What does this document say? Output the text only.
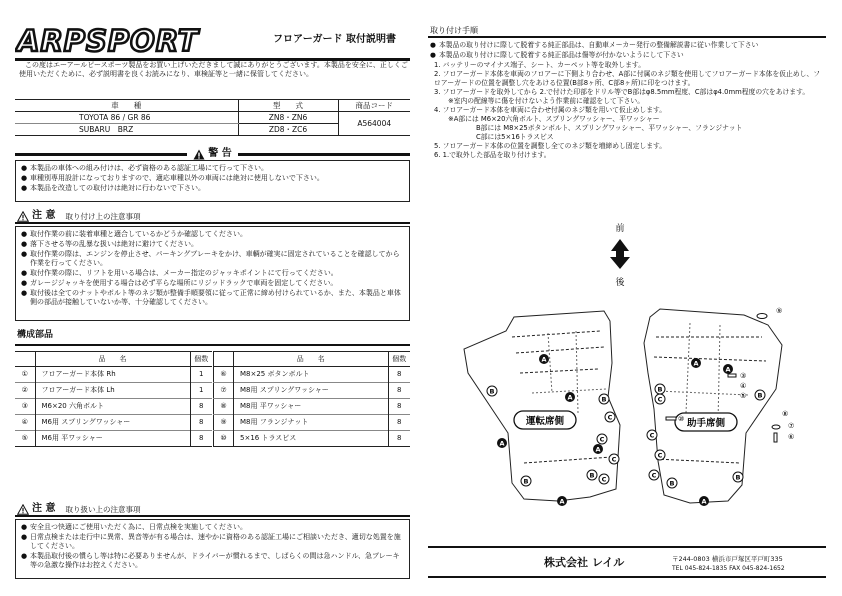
ARPSPORT	フロアーガード 取付説明書
この度はエーアールピースポーツ製品をお買い上げいただきまして誠にありがとうございます。本製品を安全に、正しくご使用いただくために、必ず説明書を良くお読みになり、車検証等と一緒に保管してください。
車　　種	型　　式	商品コード
TOYOTA 86 / GR 86	ZN8・ZN6	A564004
SUBARU　BRZ	ZD8・ZC6	
警 告
● 本製品の車体への組み付けは、必ず資格のある認証工場にて行って下さい。
● 車種別専用設計になっておりますので、適応車種以外の車両には絶対に使用しないで下さい。
● 本製品を改造しての取付けは絶対に行わないで下さい。
注 意 取り付け上の注意事項
● 取付作業の前に装着車種と適合しているかどうか確認してください。
● 落下させる等の乱暴な扱いは絶対に避けてください。
● 取付作業の際は、エンジンを停止させ、パーキングブレーキをかけ、車輌が確実に固定されていることを確認してから作業を行ってください。
● 取付作業の際に、リフトを用いる場合は、メーカー指定のジャッキポイントにて行ってください。
● ガレージジャッキを使用する場合は必ず平らな場所にリジッドラックで車両を固定してください。
● 取付後は全てのナットやボルト等のネジ類が整備手順要領に従って正常に締め付けられているか、また、本製品と車体側の部品が接触していないか等、十分確認してください。
構成部品
	品　　名	個数
①	フロアーガード本体 Rh	1
②	フロアーガード本体 Lh	1
③	M6×20 六角ボルト	8
④	M6用 スプリングワッシャー	8
⑤	M6用 平ワッシャー	8
	品　　名	個数
⑥	M8×25 ボタンボルト	8
⑦	M8用 スプリングワッシャー	8
⑧	M8用 平ワッシャー	8
⑨	M8用 フランジナット	8
⑩	5×16 トラスビス	8
注 意 取り扱い上の注意事項
● 安全且つ快適にご使用いただく為に、日常点検を実施してください。
● 日常点検または走行中に異常、異音等が有る場合は、速やかに資格のある認証工場にご相談いただき、適切な処置を施してください。
● 本製品取付後の慣らし等は特に必要ありませんが、ドライバーが慣れるまで、しばらくの間は急ハンドル、急ブレーキ等の急激な操作はお控えください。
取り付け手順
● 本製品の取り付けに際して脱着する純正部品は、自動車メーカー発行の整備解説書に従い作業して下さい
● 本製品の取り付けに際して脱着する純正部品は傷等が付かないようにして下さい
1. バッテリーのマイナス端子、シート、カーペット等を取外します。
2. フロアーガード本体を車両のフロアーに下側より合わせ、A部に付属のネジ類を使用してフロアーガード本体を仮止めし、フロアーガードの位置を調整し穴をあける位置(B部8ヶ所、C部8ヶ所)に印をつけます。
3. フロアーガードを取外してから 2.で付けた印部をドリル等でB部はφ8.5mm程度、C部はφ4.0mm程度の穴をあけます。
※室内の配線等に傷を付けないよう作業前に確認をして下さい。
4. フロアーガード本体を車両に合わせ付属のネジ類を用いて仮止めします。
※A部には M6×20六角ボルト、スプリングワッシャー、平ワッシャー
B部には M8×25ボタンボルト、スプリングワッシャー、平ワッシャー、フランジナット
C部には5×16トラスビス
5. フロアーガード本体の位置を調整し全てのネジ類を増締めし固定します。
6. 1.で取外した部品を取り付けます。
前
後
運転席側	助手席側
A
A
A
A
A
A
A
A
B
B
B
B
B
B
B
B
C
C
C
C
C
C
C
C
⑨
⑧
⑦
⑥
③
④
⑤
⑩
株式会社 レイル	〒244-0803 横浜市戸塚区平戸町335
TEL 045-824-1835 FAX 045-824-1652
